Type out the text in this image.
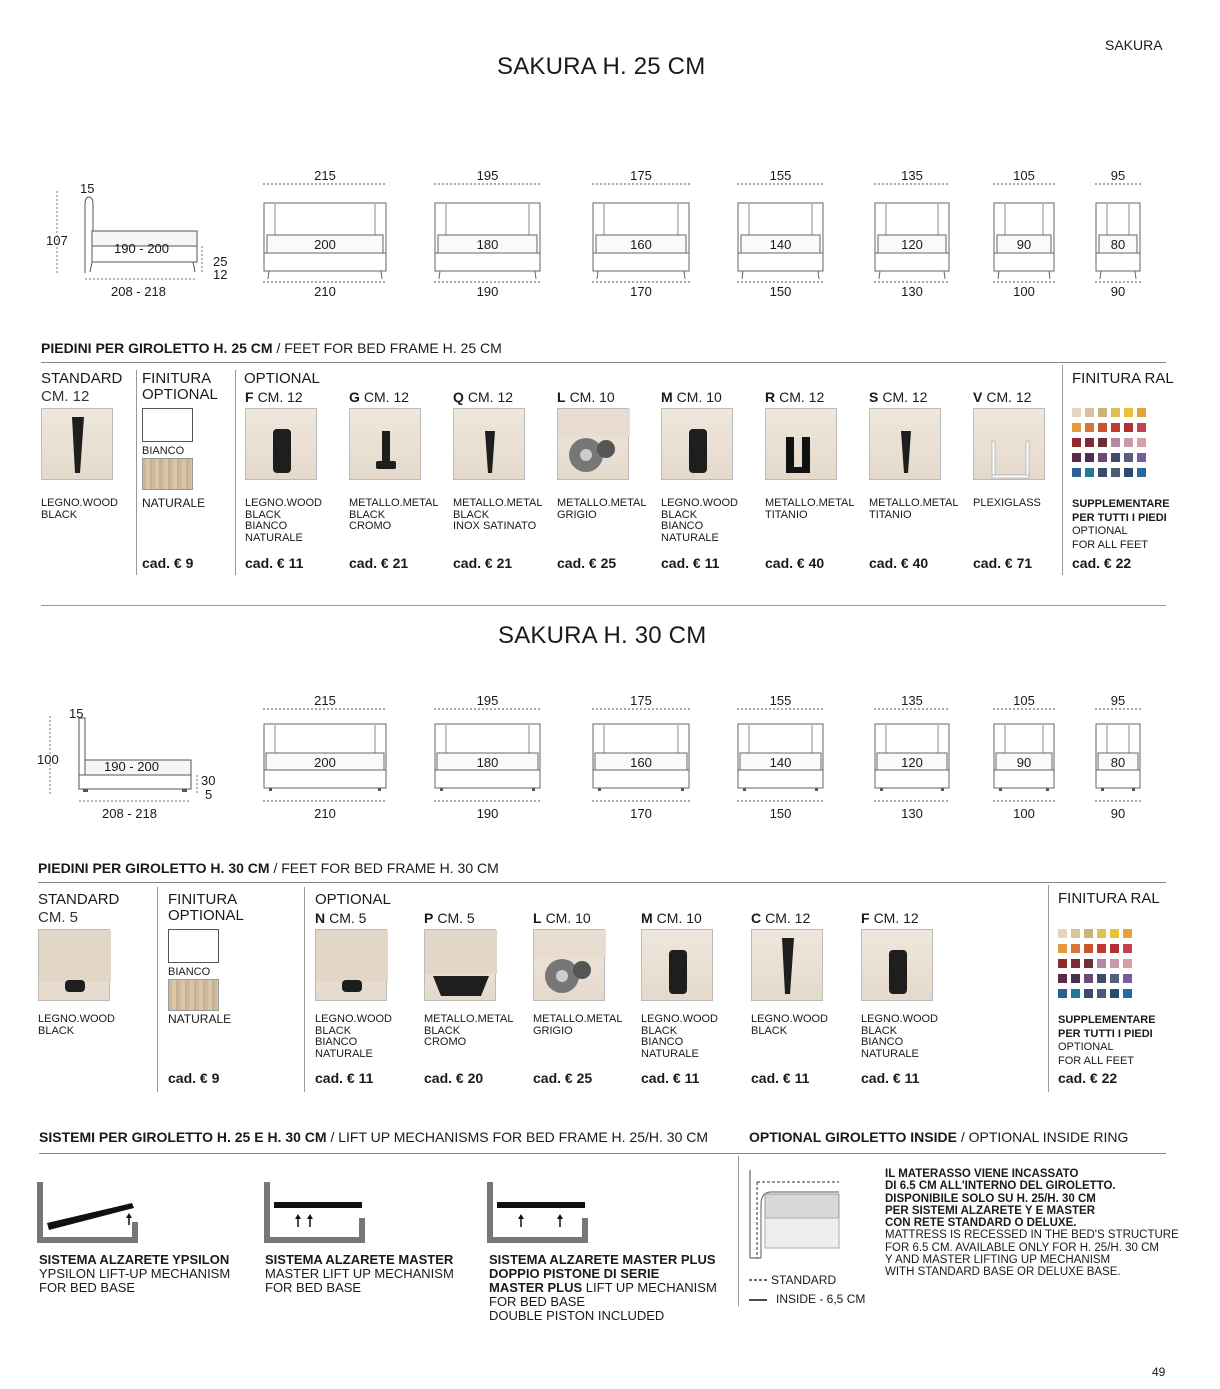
SAKURA
SAKURA H. 25 CM
107
15
190 - 200
208 - 218
25
12
215
200
210
195
180
190
175
160
170
155
140
150
135
120
130
105
90
100
95
80
90
PIEDINI PER GIROLETTO H. 25 CM / FEET FOR BED FRAME H. 25 CM
STANDARD
CM. 12
FINITURA OPTIONAL
OPTIONAL	FINITURA RAL
LEGNO.WOOD
BLACK
BIANCO
NATURALE
cad. € 9
F CM. 12
LEGNO.WOOD
BLACK
BIANCO
NATURALE
cad. € 11
G CM. 12
METALLO.METAL
BLACK
CROMO
cad. € 21
Q CM. 12
METALLO.METAL
BLACK
INOX SATINATO
cad. € 21
L CM. 10
METALLO.METAL
GRIGIO
cad. € 25
M CM. 10
LEGNO.WOOD
BLACK
BIANCO
NATURALE
cad. € 11
R CM. 12
METALLO.METAL
TITANIO
cad. € 40
S CM. 12
METALLO.METAL
TITANIO
cad. € 40
V CM. 12
PLEXIGLASS
cad. € 71
SUPPLEMENTARE
PER TUTTI I PIEDI
OPTIONAL
FOR ALL FEET
cad. € 22
SAKURA H. 30 CM
100
15
190 - 200
208 - 218
30
5
215
200
210
195
180
190
175
160
170
155
140
150
135
120
130
105
90
100
95
80
90
PIEDINI PER GIROLETTO H. 30 CM / FEET FOR BED FRAME H. 30 CM
STANDARD
CM. 5
FINITURA OPTIONAL
OPTIONAL	FINITURA RAL
LEGNO.WOOD
BLACK
BIANCO
NATURALE
cad. € 9
N CM. 5
LEGNO.WOOD
BLACK
BIANCO
NATURALE
cad. € 11
P CM. 5
METALLO.METAL
BLACK
CROMO
cad. € 20
L CM. 10
METALLO.METAL
GRIGIO
cad. € 25
M CM. 10
LEGNO.WOOD
BLACK
BIANCO
NATURALE
cad. € 11
C CM. 12
LEGNO.WOOD
BLACK
cad. € 11
F CM. 12
LEGNO.WOOD
BLACK
BIANCO
NATURALE
cad. € 11
SUPPLEMENTARE
PER TUTTI I PIEDI
OPTIONAL
FOR ALL FEET
cad. € 22
SISTEMI PER GIROLETTO H. 25 E H. 30 CM / LIFT UP MECHANISMS FOR BED FRAME H. 25/H. 30 CM	OPTIONAL GIROLETTO INSIDE / OPTIONAL INSIDE RING
SISTEMA ALZARETE YPSILON
YPSILON LIFT-UP MECHANISM
FOR BED BASE
SISTEMA ALZARETE MASTER
MASTER LIFT UP MECHANISM
FOR BED BASE
SISTEMA ALZARETE MASTER PLUS
DOPPIO PISTONE DI SERIE
MASTER PLUS LIFT UP MECHANISM
FOR BED BASE
DOUBLE PISTON INCLUDED
STANDARD
INSIDE - 6,5 CM
IL MATERASSO VIENE INCASSATO
DI 6.5 CM ALL'INTERNO DEL GIROLETTO.
DISPONIBILE SOLO SU H. 25/H. 30 CM
PER SISTEMI ALZARETE Y E MASTER
CON RETE STANDARD O DELUXE.
MATTRESS IS RECESSED IN THE BED'S STRUCTURE
FOR 6.5 CM. AVAILABLE ONLY FOR H. 25/H. 30 CM
Y AND MASTER LIFTING UP MECHANISM
WITH STANDARD BASE OR DELUXE BASE.
49
